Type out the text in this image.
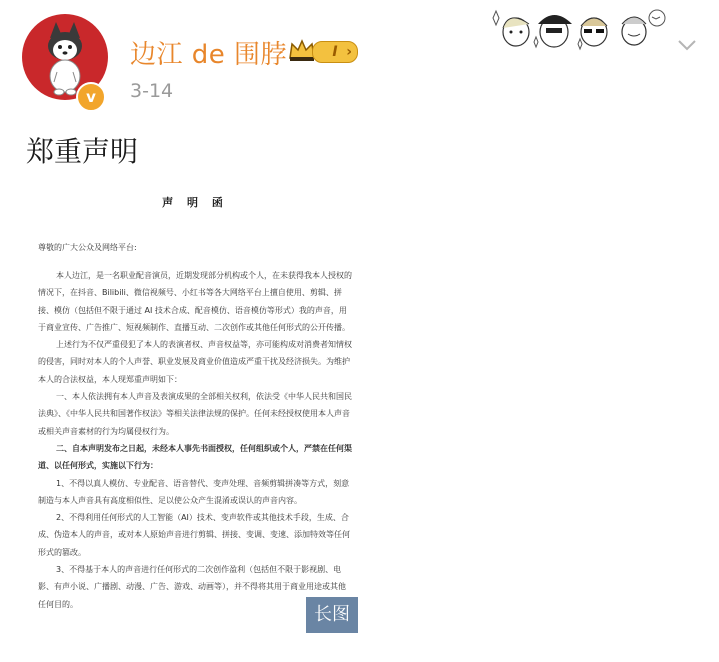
v
边江 de 围脖	I ›
3-14
郑重声明
声 明 函
尊敬的广大公众及网络平台:
本人边江，是一名职业配音演员，近期发现部分机构或个人，在未获得我本人授权的情况下，在抖音、Bilibili、微信视频号、小红书等各大网络平台上擅自使用、剪辑、拼接、模仿（包括但不限于通过 AI 技术合成、配音模仿、语音模仿等形式）我的声音，用于商业宣传、广告推广、短视频制作、直播互动、二次创作或其他任何形式的公开传播。
上述行为不仅严重侵犯了本人的表演者权、声音权益等，亦可能构成对消费者知情权的侵害，同时对本人的个人声誉、职业发展及商业价值造成严重干扰及经济损失。为维护本人的合法权益，本人现郑重声明如下：
一、本人依法拥有本人声音及表演成果的全部相关权利，依法受《中华人民共和国民法典》、《中华人民共和国著作权法》等相关法律法规的保护。任何未经授权使用本人声音或相关声音素材的行为均属侵权行为。
二、自本声明发布之日起，未经本人事先书面授权，任何组织或个人，严禁在任何渠道、以任何形式，实施以下行为：
1、不得以真人模仿、专业配音、语音替代、变声处理、音频剪辑拼凑等方式，刻意制造与本人声音具有高度相似性、足以使公众产生混淆或误认的声音内容。
2、不得利用任何形式的人工智能（AI）技术、变声软件或其他技术手段，生成、合成、伪造本人的声音，或对本人原始声音进行剪辑、拼接、变调、变速、添加特效等任何形式的篡改。
3、不得基于本人的声音进行任何形式的二次创作盈利（包括但不限于影视剧、电影、有声小说、广播剧、动漫、广告、游戏、动画等），并不得将其用于商业用途或其他任何目的。	长图
